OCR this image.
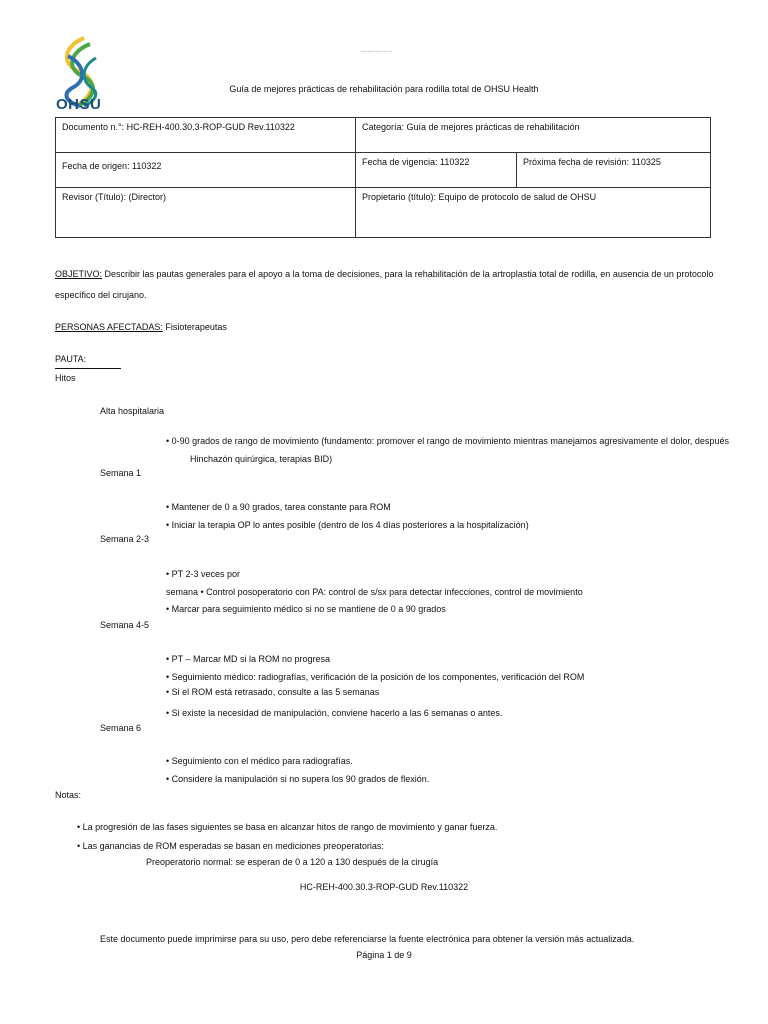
OHSU
Oregon Health & Science University
Guía de mejores prácticas de rehabilitación para rodilla total de OHSU Health
Documento n.°: HC-REH-400.30.3-ROP-GUD Rev.110322	Categoría: Guía de mejores prácticas de rehabilitación	
Fecha de origen: 110322	Fecha de vigencia: 110322	Próxima fecha de revisión: 110325
Revisor (Título): (Director)	Propietario (título): Equipo de protocolo de salud de OHSU	
OBJETIVO: Describir las pautas generales para el apoyo a la toma de decisiones, para la rehabilitación de la artroplastia total de rodilla, en ausencia de un protocolo
específico del cirujano.
PERSONAS AFECTADAS: Fisioterapeutas
PAUTA:
Hitos
Alta hospitalaria
• 0-90 grados de rango de movimiento (fundamento: promover el rango de movimiento mientras manejamos agresivamente el dolor, después
Hinchazón quirúrgica, terapias BID)
Semana 1
• Mantener de 0 a 90 grados, tarea constante para ROM
• Iniciar la terapia OP lo antes posible (dentro de los 4 días posteriores a la hospitalización)
Semana 2-3
• PT 2-3 veces por
semana • Control posoperatorio con PA: control de s/sx para detectar infecciones, control de movimiento
• Marcar para seguimiento médico si no se mantiene de 0 a 90 grados
Semana 4-5
• PT – Marcar MD si la ROM no progresa
• Seguimiento médico: radiografías, verificación de la posición de los componentes, verificación del ROM
• Si el ROM está retrasado, consulte a las 5 semanas
• Si existe la necesidad de manipulación, conviene hacerlo a las 6 semanas o antes.
Semana 6
• Seguimiento con el médico para radiografías.
• Considere la manipulación si no supera los 90 grados de flexión.
Notas:
• La progresión de las fases siguientes se basa en alcanzar hitos de rango de movimiento y ganar fuerza.
• Las ganancias de ROM esperadas se basan en mediciones preoperatorias:
Preoperatorio normal: se esperan de 0 a 120 a 130 después de la cirugía
HC-REH-400.30.3-ROP-GUD Rev.110322
Este documento puede imprimirse para su uso, pero debe referenciarse la fuente electrónica para obtener la versión más actualizada.
Página 1 de 9
